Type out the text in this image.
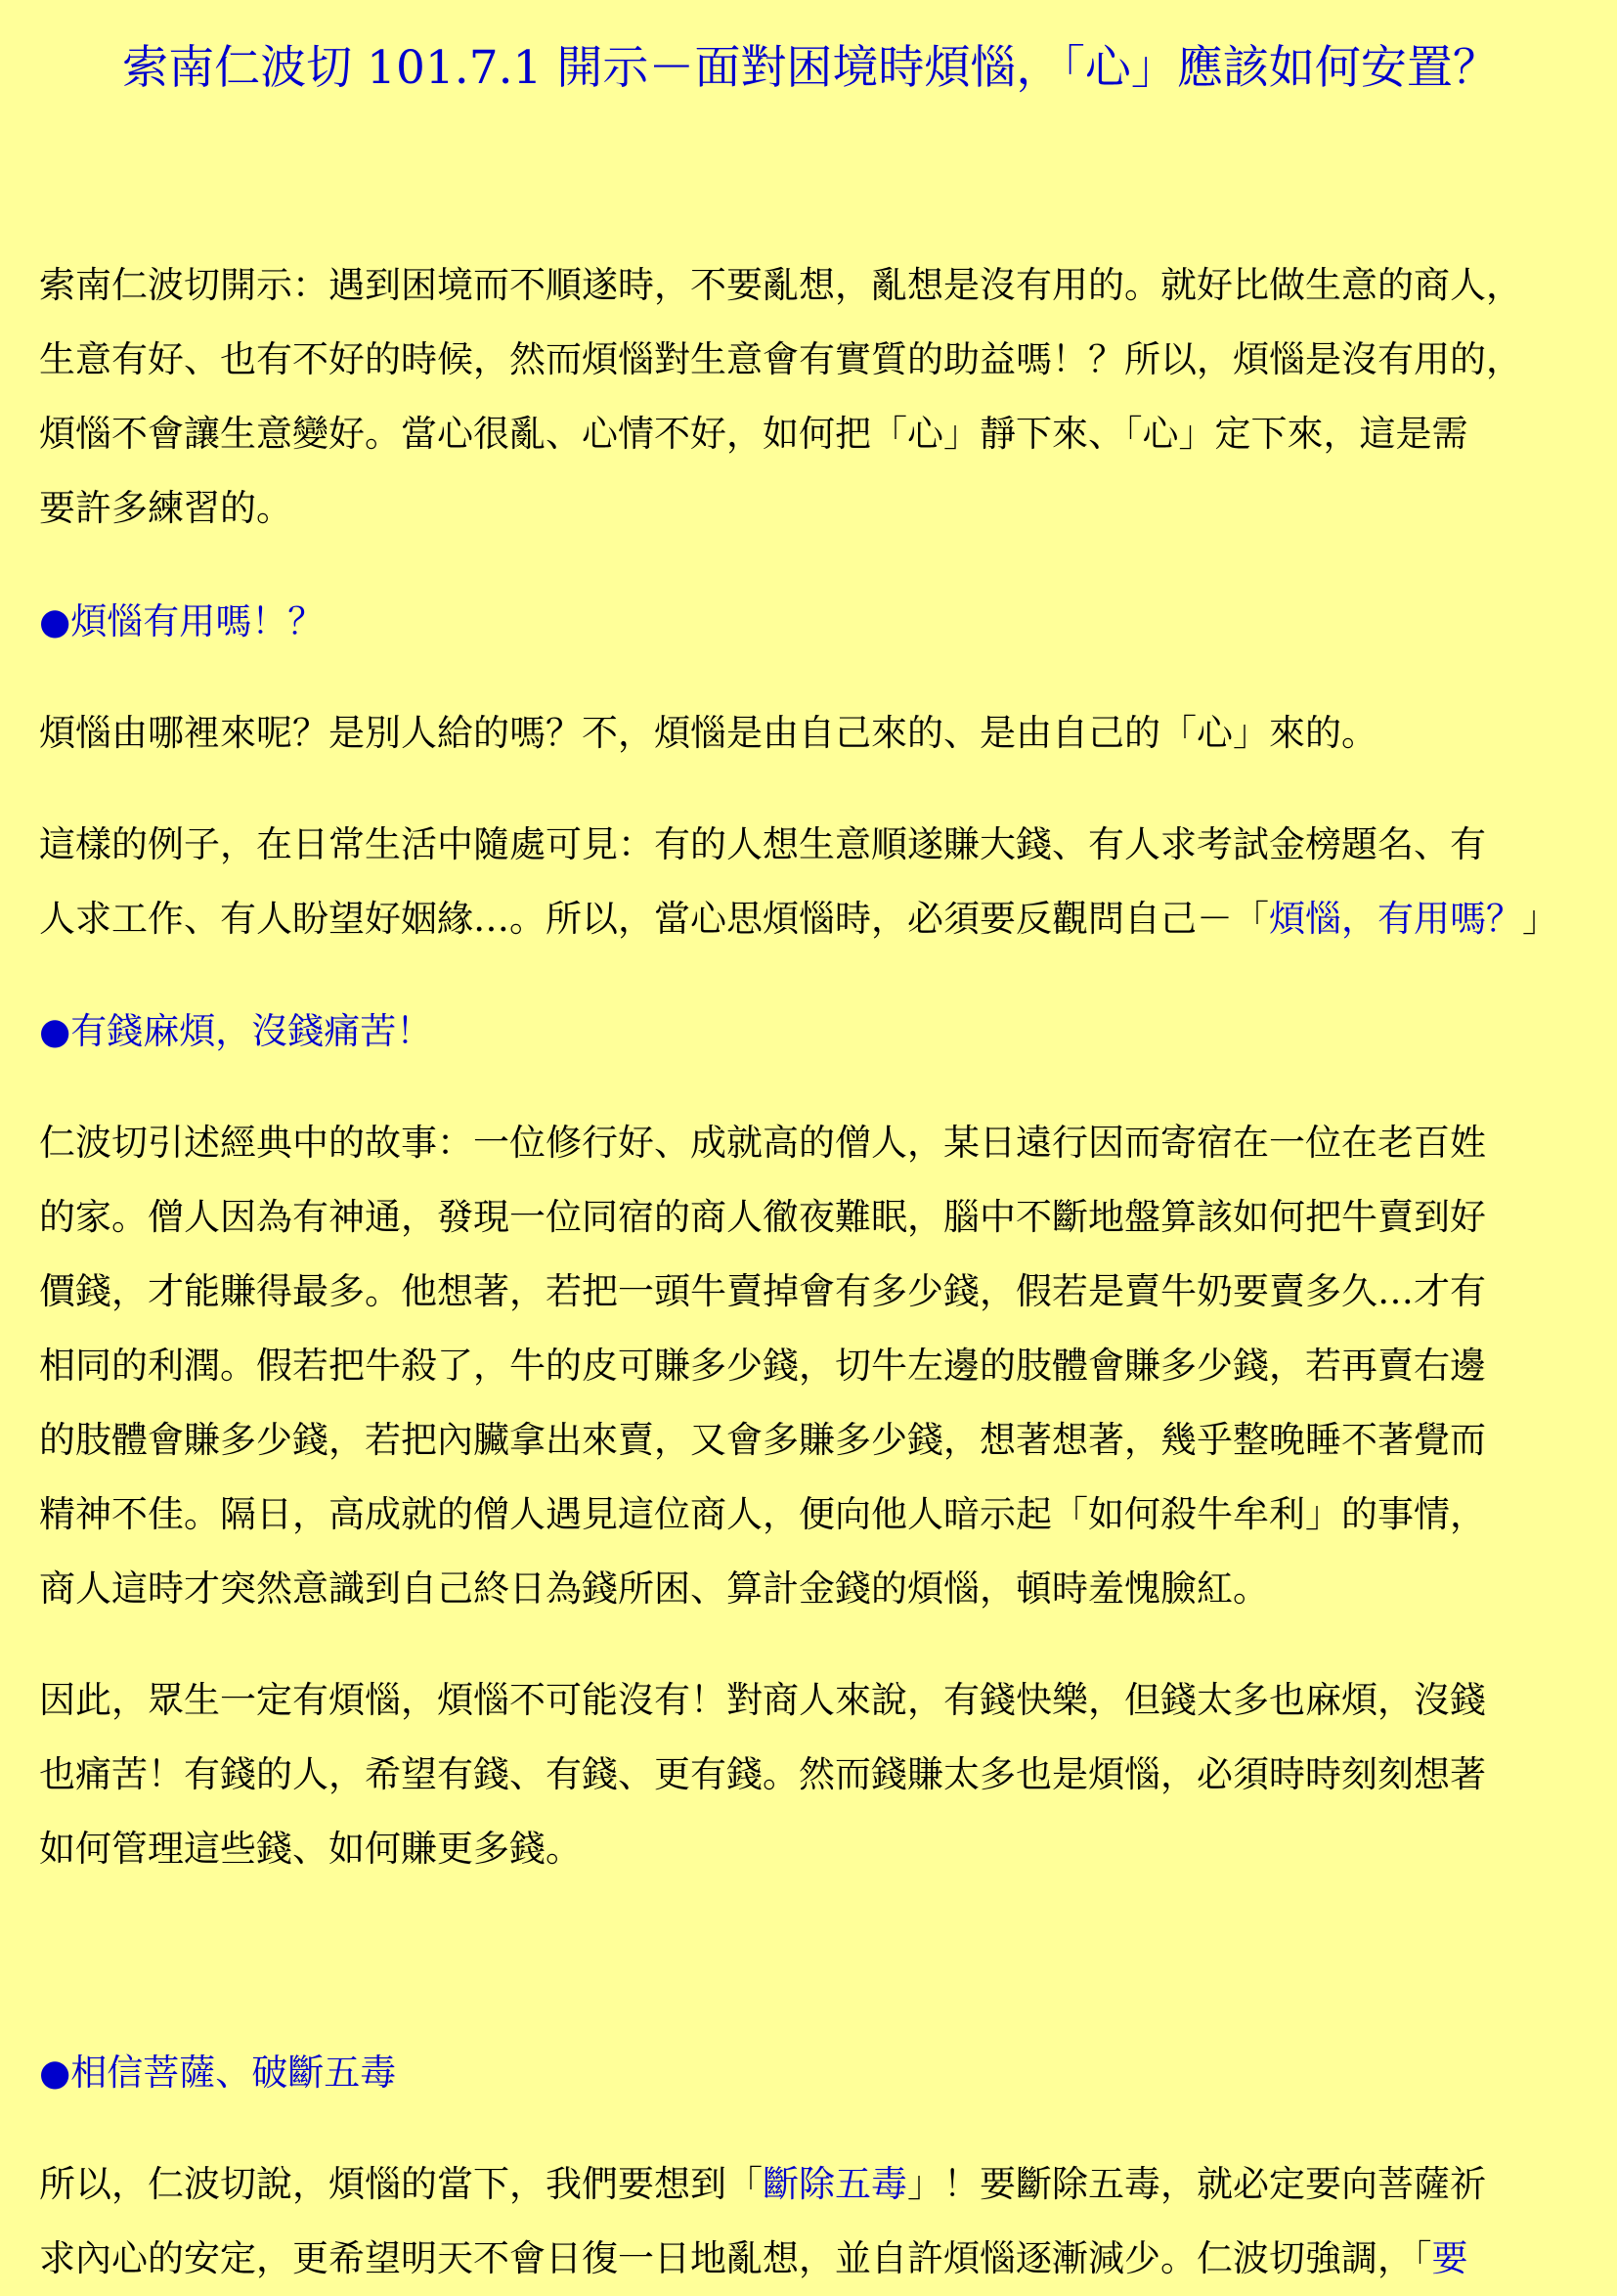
索南仁波切 101.7.1 開示－面對困境時煩惱，「心」應該如何安置？

索南仁波切開示：遇到困境而不順遂時，不要亂想，亂想是沒有用的。就好比做生意的商人，
生意有好、也有不好的時候，然而煩惱對生意會有實質的助益嗎！？所以，煩惱是沒有用的，
煩惱不會讓生意變好。當心很亂、心情不好，如何把「心」靜下來、「心」定下來，這是需
要許多練習的。

●煩惱有用嗎！？

煩惱由哪裡來呢？是別人給的嗎？不，煩惱是由自己來的、是由自己的「心」來的。

這樣的例子，在日常生活中隨處可見：有的人想生意順遂賺大錢、有人求考試金榜題名、有
人求工作、有人盼望好姻緣…。所以，當心思煩惱時，必須要反觀問自己－「煩惱，有用嗎？」

●有錢麻煩，沒錢痛苦！

仁波切引述經典中的故事：一位修行好、成就高的僧人，某日遠行因而寄宿在一位在老百姓
的家。僧人因為有神通，發現一位同宿的商人徹夜難眠，腦中不斷地盤算該如何把牛賣到好
價錢，才能賺得最多。他想著，若把一頭牛賣掉會有多少錢，假若是賣牛奶要賣多久…才有
相同的利潤。假若把牛殺了，牛的皮可賺多少錢，切牛左邊的肢體會賺多少錢，若再賣右邊
的肢體會賺多少錢，若把內臟拿出來賣，又會多賺多少錢，想著想著，幾乎整晚睡不著覺而
精神不佳。隔日，高成就的僧人遇見這位商人，便向他人暗示起「如何殺牛牟利」的事情，
商人這時才突然意識到自己終日為錢所困、算計金錢的煩惱，頓時羞愧臉紅。

因此，眾生一定有煩惱，煩惱不可能沒有！對商人來說，有錢快樂，但錢太多也麻煩，沒錢
也痛苦！有錢的人，希望有錢、有錢、更有錢。然而錢賺太多也是煩惱，必須時時刻刻想著
如何管理這些錢、如何賺更多錢。

●相信菩薩、破斷五毒

所以，仁波切說，煩惱的當下，我們要想到「斷除五毒」！要斷除五毒，就必定要向菩薩祈
求內心的安定，更希望明天不會日復一日地亂想，並自許煩惱逐漸減少。仁波切強調，「要
